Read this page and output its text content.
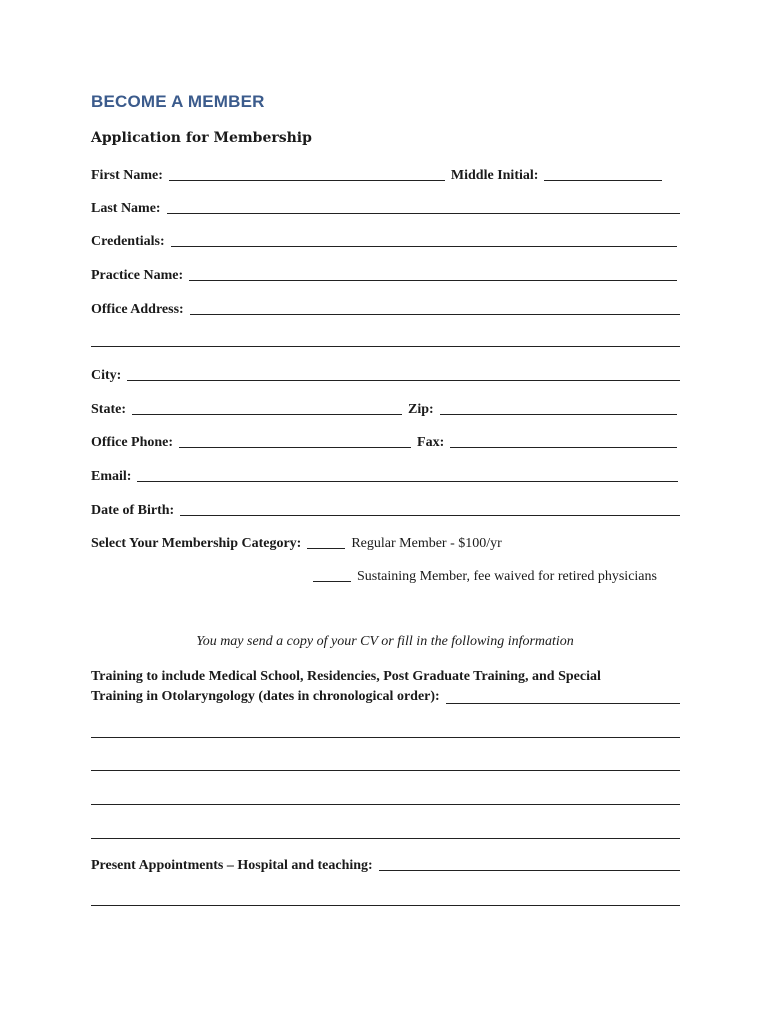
BECOME A MEMBER
Application for Membership
First Name:	Middle Initial:
Last Name:
Credentials:
Practice Name:
Office Address:
City:
State:	Zip:
Office Phone:	Fax:
Email:
Date of Birth:
Select Your Membership Category:	Regular Member - $100/yr
Sustaining Member, fee waived for retired physicians
You may send a copy of your CV or fill in the following information
Training to include Medical School, Residencies, Post Graduate Training, and Special
Training in Otolaryngology (dates in chronological order):
Present Appointments – Hospital and teaching:
